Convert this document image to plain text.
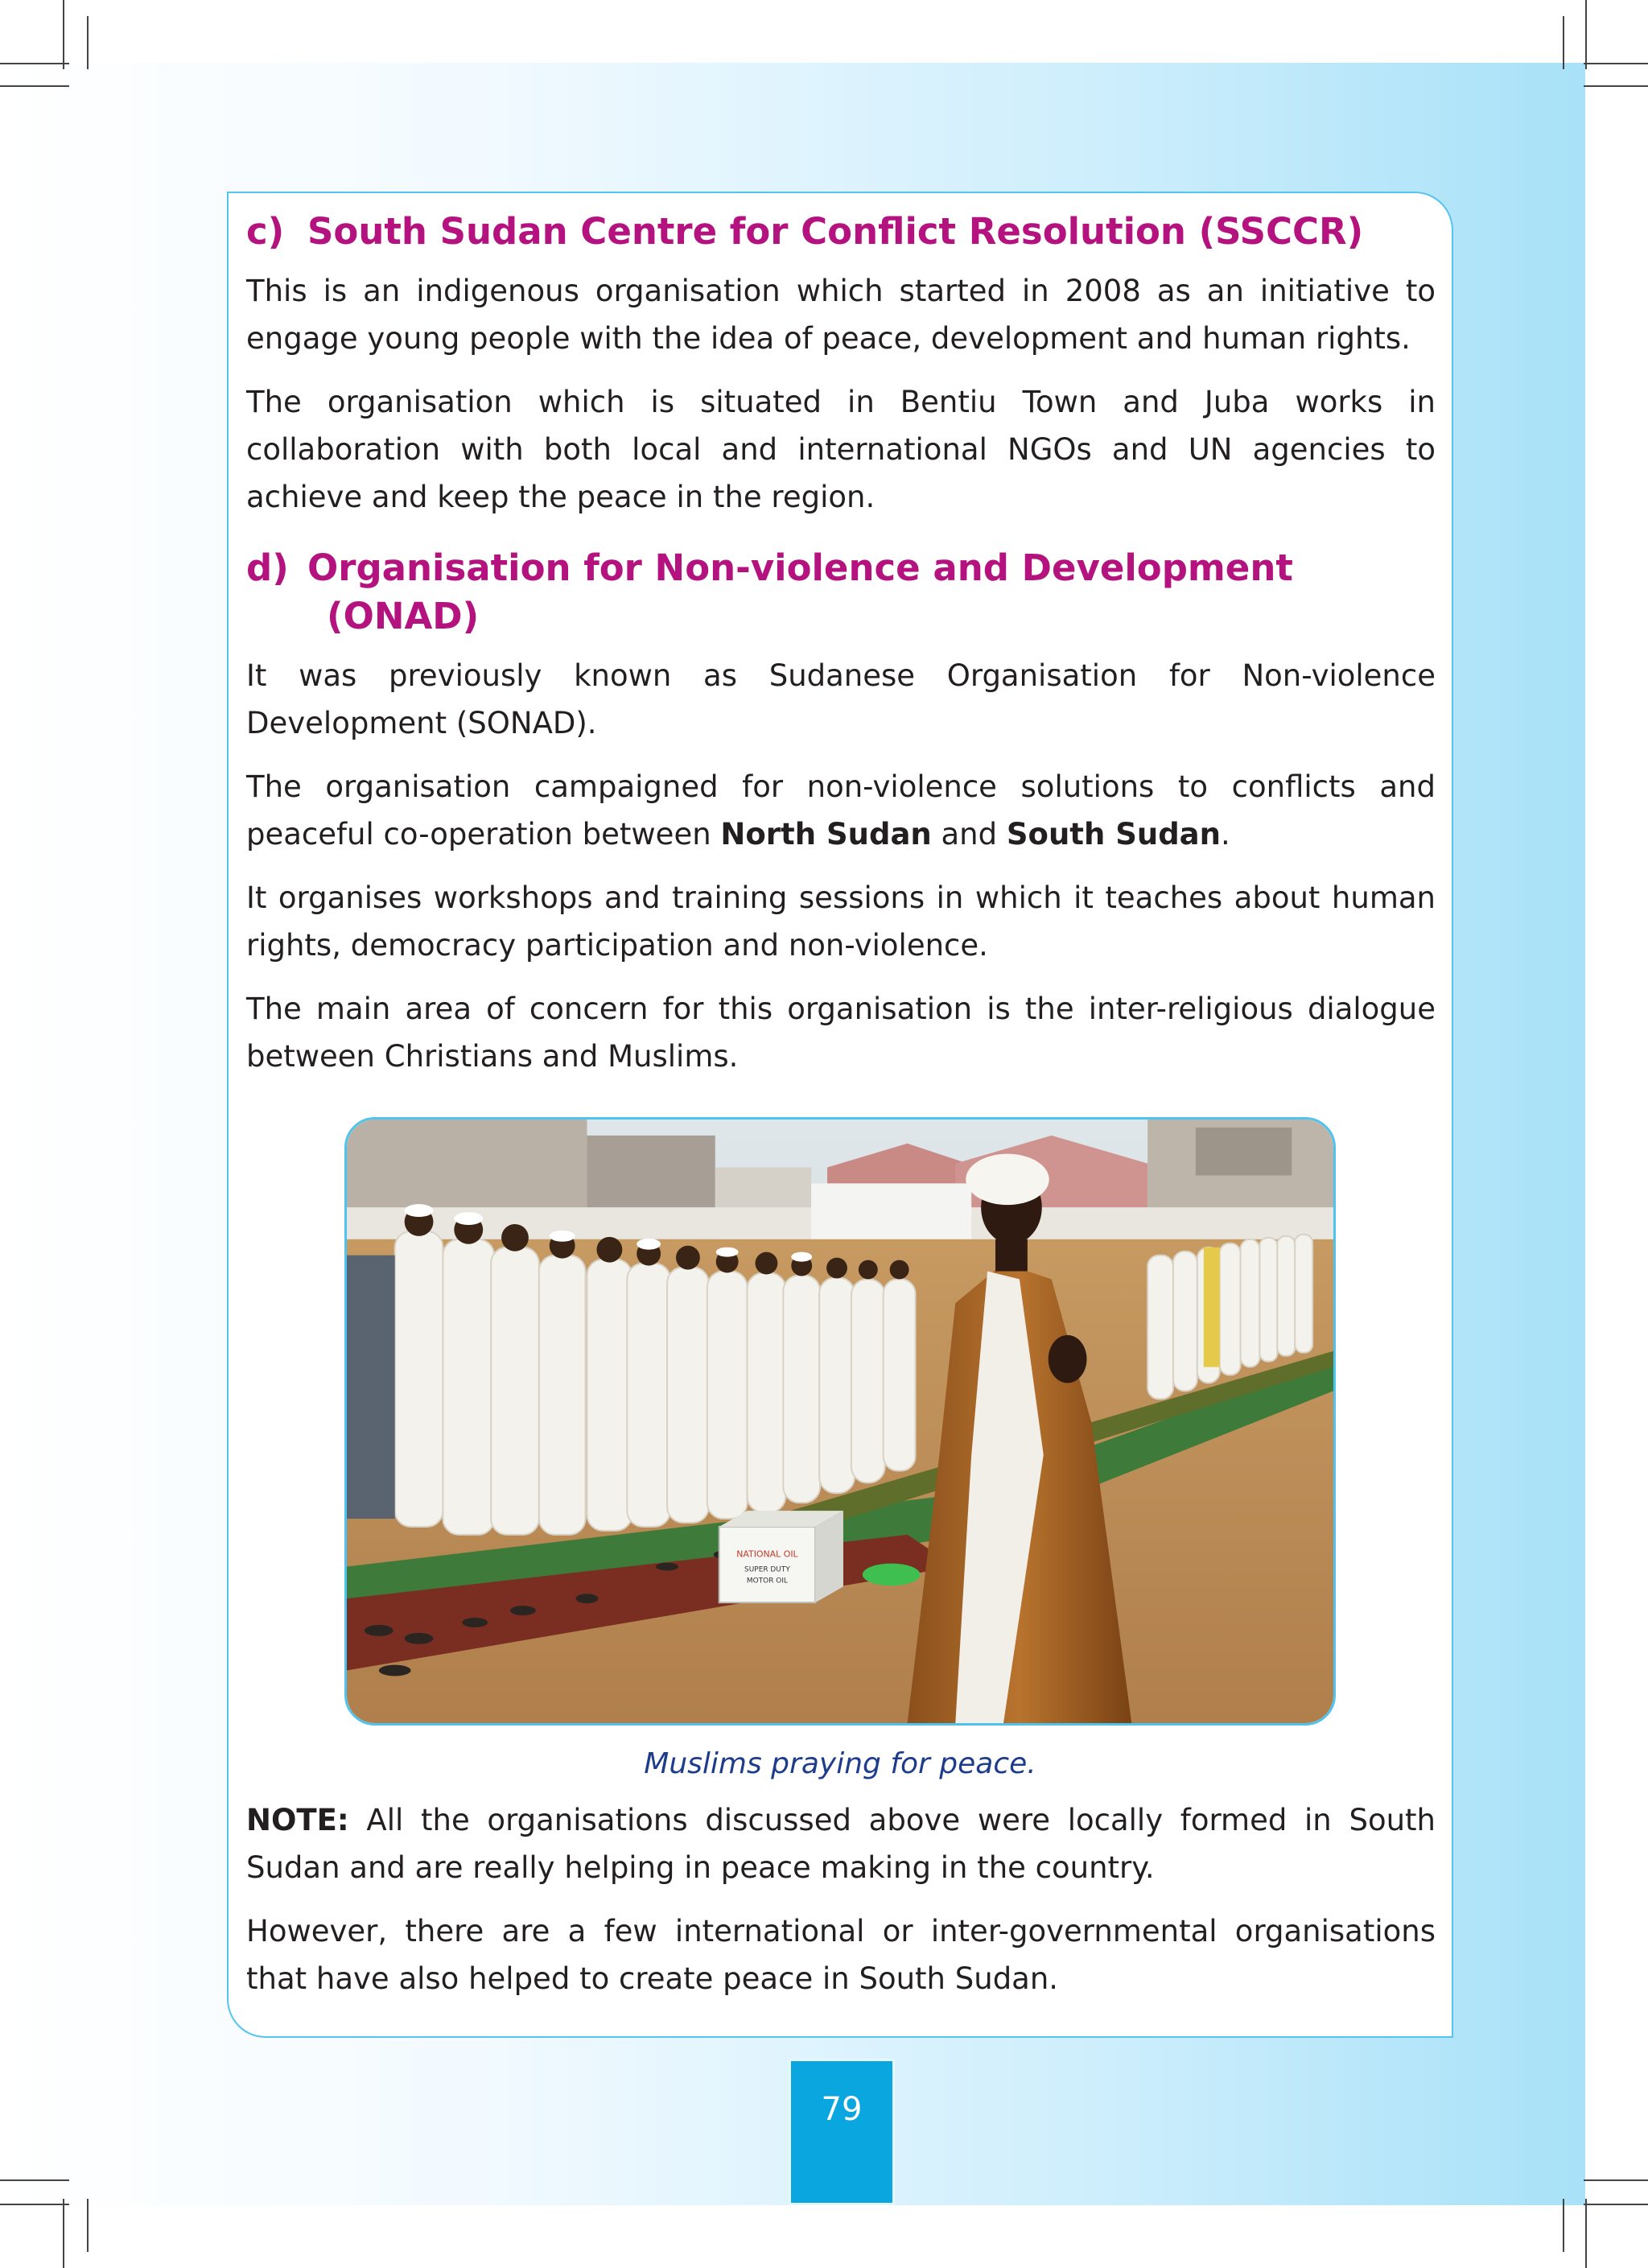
c) South Sudan Centre for Conflict Resolution (SSCCR)

This is an indigenous organisation which started in 2008 as an initiative to engage young people with the idea of peace, development and human rights.

The organisation which is situated in Bentiu Town and Juba works in collaboration with both local and international NGOs and UN agencies to achieve and keep the peace in the region.

d) Organisation for Non-violence and Development
(ONAD)

It was previously known as Sudanese Organisation for Non-violence Development (SONAD).

The organisation campaigned for non-violence solutions to conflicts and peaceful co-operation between North Sudan and South Sudan.

It organises workshops and training sessions in which it teaches about human rights, democracy participation and non-violence.

The main area of concern for this organisation is the inter-religious dialogue between Christians and Muslims.

NATIONAL OIL
SUPER DUTY
MOTOR OIL

Muslims praying for peace.

NOTE: All the organisations discussed above were locally formed in South Sudan and are really helping in peace making in the country.

However, there are a few international or inter-governmental organisations that have also helped to create peace in South Sudan.

79
